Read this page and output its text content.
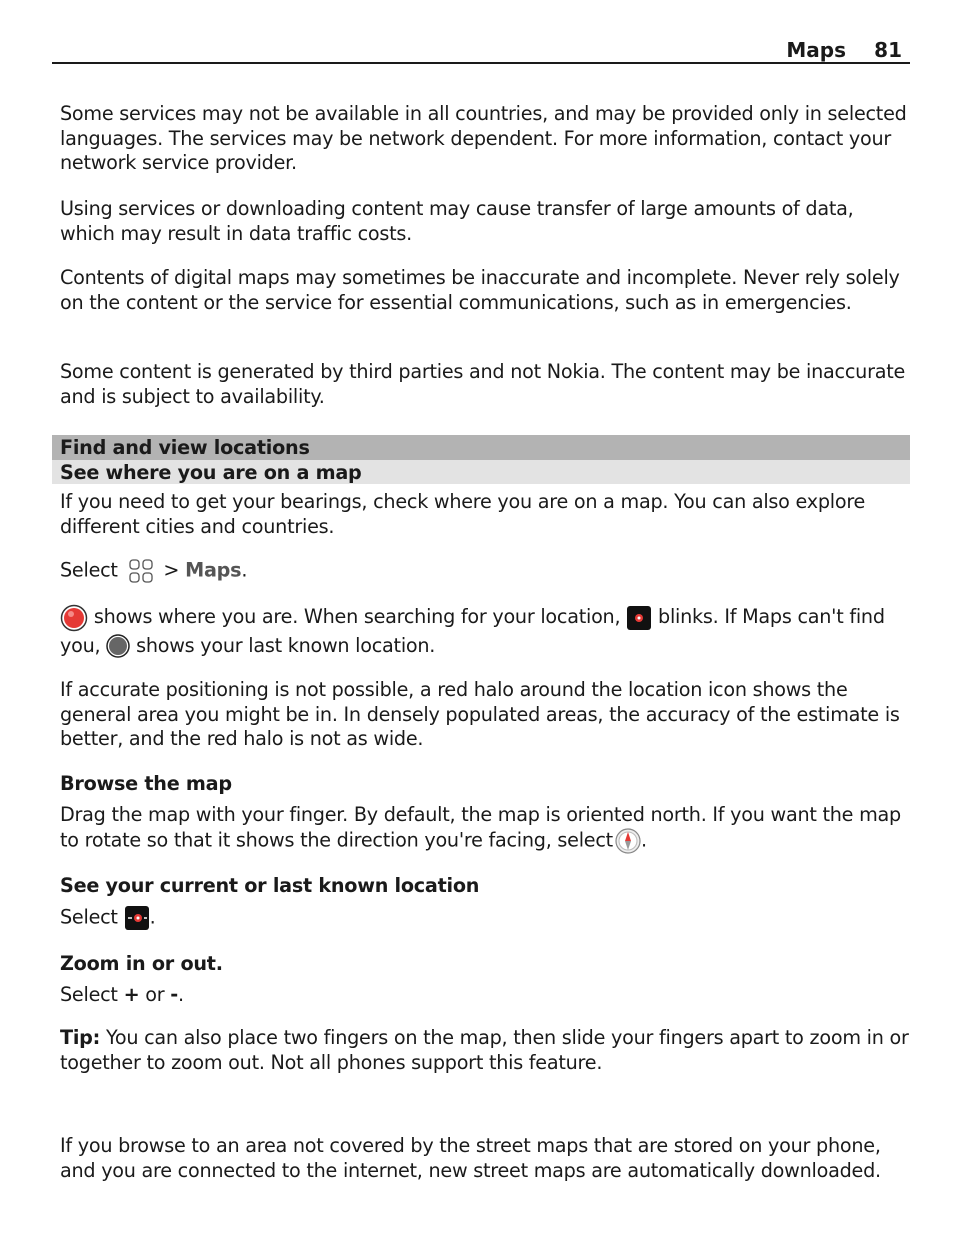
Maps 81

Some services may not be available in all countries, and may be provided only in selected languages. The services may be network dependent. For more information, contact your network service provider.

Using services or downloading content may cause transfer of large amounts of data, which may result in data traffic costs.

Contents of digital maps may sometimes be inaccurate and incomplete. Never rely solely on the content or the service for essential communications, such as in emergencies.

Some content is generated by third parties and not Nokia. The content may be inaccurate and is subject to availability.

Find and view locations
See where you are on a map

If you need to get your bearings, check where you are on a map. You can also explore different cities and countries.

Select > Maps.

shows where you are. When searching for your location, blinks. If Maps can't find you, shows your last known location.

If accurate positioning is not possible, a red halo around the location icon shows the general area you might be in. In densely populated areas, the accuracy of the estimate is better, and the red halo is not as wide.

Browse the map

Drag the map with your finger. By default, the map is oriented north. If you want the map to rotate so that it shows the direction you're facing, select .

See your current or last known location

Select .

Zoom in or out.

Select + or -.

Tip: You can also place two fingers on the map, then slide your fingers apart to zoom in or together to zoom out. Not all phones support this feature.

If you browse to an area not covered by the street maps that are stored on your phone, and you are connected to the internet, new street maps are automatically downloaded.
